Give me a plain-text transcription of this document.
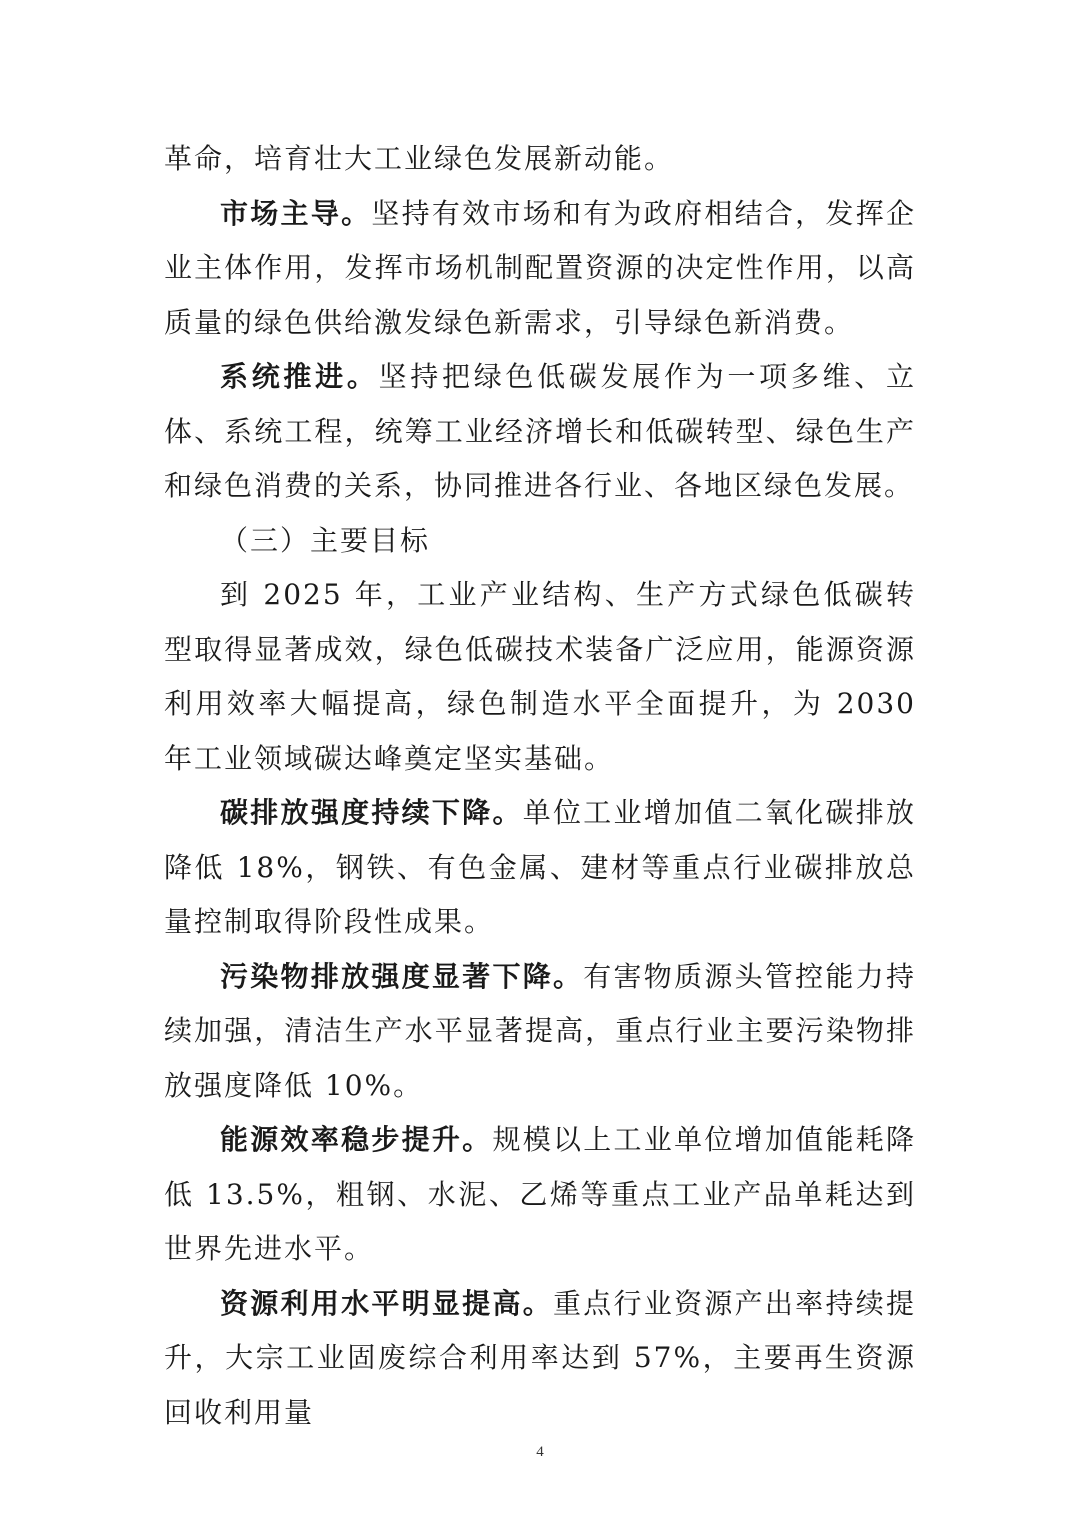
革命，培育壮大工业绿色发展新动能。

市场主导。坚持有效市场和有为政府相结合，发挥企业主体作用，发挥市场机制配置资源的决定性作用，以高质量的绿色供给激发绿色新需求，引导绿色新消费。

系统推进。坚持把绿色低碳发展作为一项多维、立体、系统工程，统筹工业经济增长和低碳转型、绿色生产和绿色消费的关系，协同推进各行业、各地区绿色发展。

（三）主要目标

到 2025 年，工业产业结构、生产方式绿色低碳转型取得显著成效，绿色低碳技术装备广泛应用，能源资源利用效率大幅提高，绿色制造水平全面提升，为 2030 年工业领域碳达峰奠定坚实基础。

碳排放强度持续下降。单位工业增加值二氧化碳排放降低 18%，钢铁、有色金属、建材等重点行业碳排放总量控制取得阶段性成果。

污染物排放强度显著下降。有害物质源头管控能力持续加强，清洁生产水平显著提高，重点行业主要污染物排放强度降低 10%。

能源效率稳步提升。规模以上工业单位增加值能耗降低 13.5%，粗钢、水泥、乙烯等重点工业产品单耗达到世界先进水平。

资源利用水平明显提高。重点行业资源产出率持续提升，大宗工业固废综合利用率达到 57%，主要再生资源回收利用量

4
